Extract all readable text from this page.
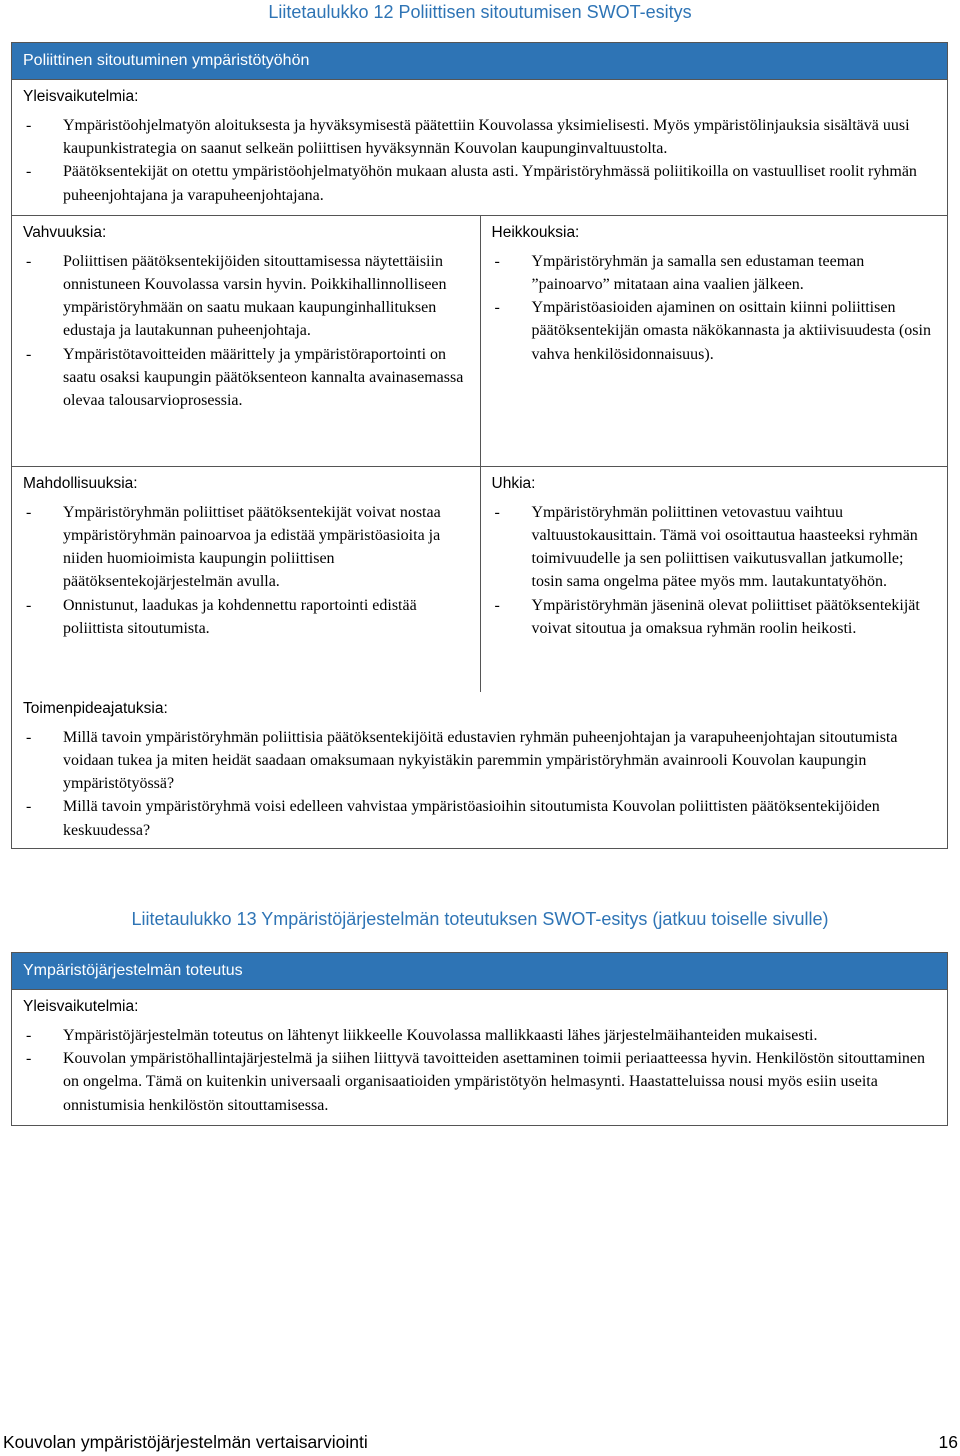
Liitetaulukko 12 Poliittisen sitoutumisen SWOT-esitys
Poliittinen sitoutuminen ympäristötyöhön
Yleisvaikutelmia:
- Ympäristöohjelmatyön aloituksesta ja hyväksymisestä päätettiin Kouvolassa yksimielisesti. Myös ympäristölinjauksia sisältävä uusi kaupunkistrategia on saanut selkeän poliittisen hyväksynnän Kouvolan kaupunginvaltuustolta.
- Päätöksentekijät on otettu ympäristöohjelmatyöhön mukaan alusta asti. Ympäristöryhmässä poliitikoilla on vastuulliset roolit ryhmän puheenjohtajana ja varapuheenjohtajana.
Vahvuuksia:
- Poliittisen päätöksentekijöiden sitouttamisessa näytettäisiin onnistuneen Kouvolassa varsin hyvin. Poikkihallinnolliseen ympäristöryhmään on saatu mukaan kaupunginhallituksen edustaja ja lautakunnan puheenjohtaja.
- Ympäristötavoitteiden määrittely ja ympäristöraportointi on saatu osaksi kaupungin päätöksenteon kannalta avainasemassa olevaa talousarvioprosessia.
Heikkouksia:
- Ympäristöryhmän ja samalla sen edustaman teeman ”painoarvo” mitataan aina vaalien jälkeen.
- Ympäristöasioiden ajaminen on osittain kiinni poliittisen päätöksentekijän omasta näkökannasta ja aktiivisuudesta (osin vahva henkilösidonnaisuus).
Mahdollisuuksia:
- Ympäristöryhmän poliittiset päätöksentekijät voivat nostaa ympäristöryhmän painoarvoa ja edistää ympäristöasioita ja niiden huomioimista kaupungin poliittisen päätöksentekojärjestelmän avulla.
- Onnistunut, laadukas ja kohdennettu raportointi edistää poliittista sitoutumista.
Uhkia:
- Ympäristöryhmän poliittinen vetovastuu vaihtuu valtuustokausittain. Tämä voi osoittautua haasteeksi ryhmän toimivuudelle ja sen poliittisen vaikutusvallan jatkumolle; tosin sama ongelma pätee myös mm. lautakuntatyöhön.
- Ympäristöryhmän jäseninä olevat poliittiset päätöksentekijät voivat sitoutua ja omaksua ryhmän roolin heikosti.
Toimenpideajatuksia:
- Millä tavoin ympäristöryhmän poliittisia päätöksentekijöitä edustavien ryhmän puheenjohtajan ja varapuheenjohtajan sitoutumista voidaan tukea ja miten heidät saadaan omaksumaan nykyistäkin paremmin ympäristöryhmän avainrooli Kouvolan kaupungin ympäristötyössä?
- Millä tavoin ympäristöryhmä voisi edelleen vahvistaa ympäristöasioihin sitoutumista Kouvolan poliittisten päätöksentekijöiden keskuudessa?
Liitetaulukko 13 Ympäristöjärjestelmän toteutuksen SWOT-esitys (jatkuu toiselle sivulle)
Ympäristöjärjestelmän toteutus
Yleisvaikutelmia:
- Ympäristöjärjestelmän toteutus on lähtenyt liikkeelle Kouvolassa mallikkaasti lähes järjestelmäihanteiden mukaisesti.
- Kouvolan ympäristöhallintajärjestelmä ja siihen liittyvä tavoitteiden asettaminen toimii periaatteessa hyvin. Henkilöstön sitouttaminen on ongelma. Tämä on kuitenkin universaali organisaatioiden ympäristötyön helmasynti. Haastatteluissa nousi myös esiin useita onnistumisia henkilöstön sitouttamisessa.
Kouvolan ympäristöjärjestelmän vertaisarviointi	16
